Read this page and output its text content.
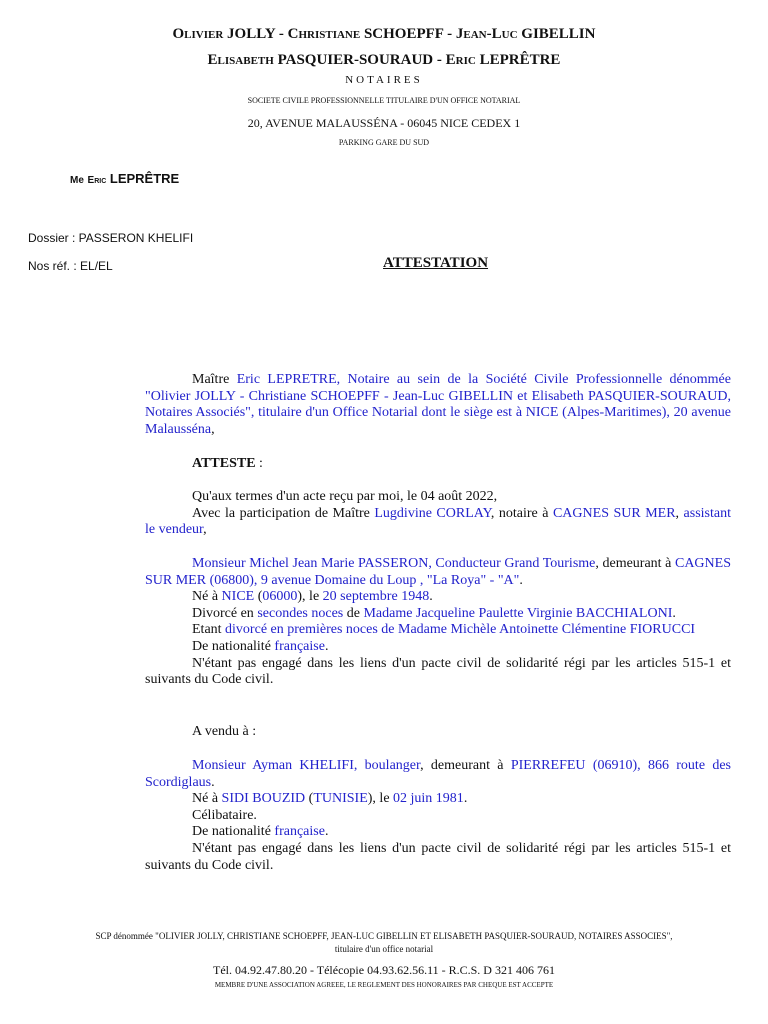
Olivier JOLLY - Christiane SCHOEPFF - Jean-Luc GIBELLIN
Elisabeth PASQUIER-SOURAUD - Eric LEPRÊTRE
NOTAIRES
SOCIETE CIVILE PROFESSIONNELLE TITULAIRE D'UN OFFICE NOTARIAL
20, AVENUE MALAUSSÉNA - 06045 NICE CEDEX 1
PARKING GARE DU SUD
Me Eric LEPRÊTRE
Dossier : PASSERON KHELIFI
Nos réf. : EL/EL	ATTESTATION

Maître Eric LEPRETRE, Notaire au sein de la Société Civile Professionnelle dénommée "Olivier JOLLY - Christiane SCHOEPFF - Jean-Luc GIBELLIN et Elisabeth PASQUIER-SOURAUD, Notaires Associés", titulaire d'un Office Notarial dont le siège est à NICE (Alpes-Maritimes), 20 avenue Malausséna,

ATTESTE :

Qu'aux termes d'un acte reçu par moi, le 04 août 2022,

Avec la participation de Maître Lugdivine CORLAY, notaire à CAGNES SUR MER, assistant le vendeur,

Monsieur Michel Jean Marie PASSERON, Conducteur Grand Tourisme, demeurant à CAGNES SUR MER (06800), 9 avenue Domaine du Loup , "La Roya" - "A".

Né à NICE (06000), le 20 septembre 1948.

Divorcé en secondes noces de Madame Jacqueline Paulette Virginie BACCHIALONI.

Etant divorcé en premières noces de Madame Michèle Antoinette Clémentine FIORUCCI

De nationalité française.

N'étant pas engagé dans les liens d'un pacte civil de solidarité régi par les articles 515-1 et suivants du Code civil.

A vendu à :

Monsieur Ayman KHELIFI, boulanger, demeurant à PIERREFEU (06910), 866 route des Scordiglaus.

Né à SIDI BOUZID (TUNISIE), le 02 juin 1981.

Célibataire.

De nationalité française.

N'étant pas engagé dans les liens d'un pacte civil de solidarité régi par les articles 515-1 et suivants du Code civil.

SCP dénommée "OLIVIER JOLLY, CHRISTIANE SCHOEPFF, JEAN-LUC GIBELLIN ET ELISABETH PASQUIER-SOURAUD, NOTAIRES ASSOCIES",
titulaire d'un office notarial
Tél. 04.92.47.80.20 - Télécopie 04.93.62.56.11 - R.C.S. D 321 406 761
MEMBRE D'UNE ASSOCIATION AGREEE, LE REGLEMENT DES HONORAIRES PAR CHEQUE EST ACCEPTE
